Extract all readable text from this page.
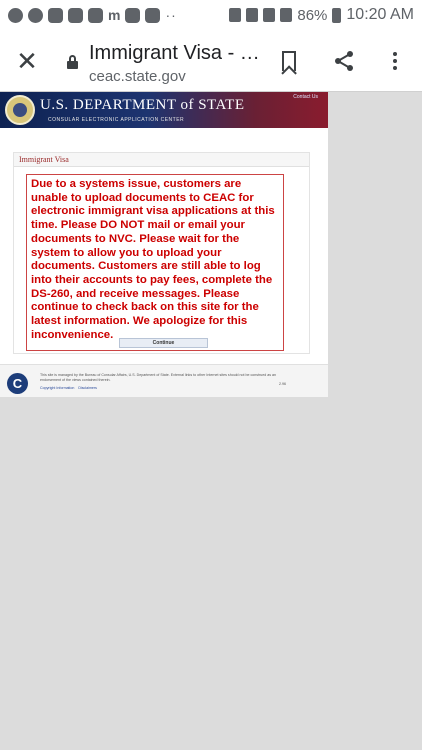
m	··	86% 10:20 AM
✕	Immigrant Visa - …
ceac.state.gov
U.S. DEPARTMENT of STATE
CONSULAR ELECTRONIC APPLICATION CENTER
Contact Us
Immigrant Visa

Due to a systems issue, customers are unable to upload documents to CEAC for electronic immigrant visa applications at this time. Please DO NOT mail or email your documents to NVC. Please wait for the system to allow you to upload your documents. Customers are still able to log into their accounts to pay fees, complete the DS-260, and receive messages. Please continue to check back on this site for the latest information. We apologize for this inconvenience.

Continue
C
This site is managed by the Bureau of Consular Affairs, U.S. Department of State. External links to other Internet sites should not be construed as an endorsement of the views contained therein.
Copyright Information Disclaimers
2.96
